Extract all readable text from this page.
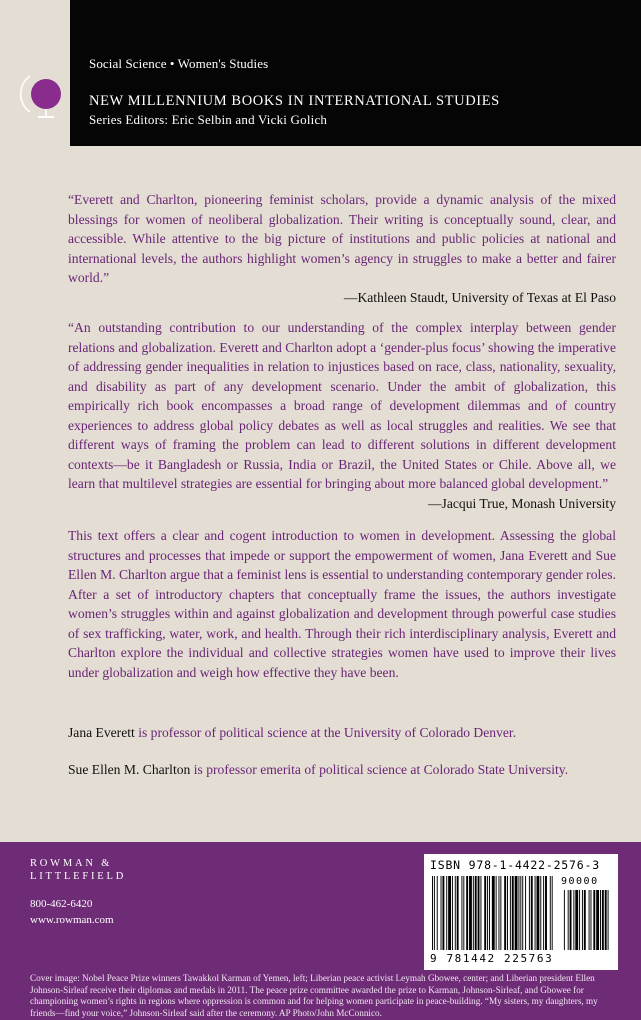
Social Science • Women's Studies
NEW MILLENNIUM BOOKS IN INTERNATIONAL STUDIES
Series Editors: Eric Selbin and Vicki Golich
“Everett and Charlton, pioneering feminist scholars, provide a dynamic analysis of the mixed blessings for women of neoliberal globalization. Their writing is conceptually sound, clear, and accessible. While attentive to the big picture of institutions and public policies at national and international levels, the authors highlight women’s agency in struggles to make a better and fairer world.”
—Kathleen Staudt, University of Texas at El Paso
“An outstanding contribution to our understanding of the complex interplay between gender relations and globalization. Everett and Charlton adopt a ‘gender-plus focus’ showing the imperative of addressing gender inequalities in relation to injustices based on race, class, nationality, sexuality, and disability as part of any development scenario. Under the ambit of globalization, this empirically rich book encompasses a broad range of development dilemmas and of country experiences to address global policy debates as well as local struggles and realities. We see that different ways of framing the problem can lead to different solutions in different development contexts—be it Bangladesh or Russia, India or Brazil, the United States or Chile. Above all, we learn that multilevel strategies are essential for bringing about more balanced global development.”
—Jacqui True, Monash University
This text offers a clear and cogent introduction to women in development. Assessing the global structures and processes that impede or support the empowerment of women, Jana Everett and Sue Ellen M. Charlton argue that a feminist lens is essential to understanding contemporary gender roles. After a set of introductory chapters that conceptually frame the issues, the authors investigate women’s struggles within and against globalization and development through powerful case studies of sex trafficking, water, work, and health. Through their rich interdisciplinary analysis, Everett and Charlton explore the individual and collective strategies women have used to improve their lives under globalization and weigh how effective they have been.
Jana Everett is professor of political science at the University of Colorado Denver.
Sue Ellen M. Charlton is professor emerita of political science at Colorado State University.
ROWMAN &
LITTLEFIELD
800-462-6420
www.rowman.com
ISBN 978-1-4422-2576-3
90000
9 781442 225763
Cover image: Nobel Peace Prize winners Tawakkol Karman of Yemen, left; Liberian peace activist Leymah Gbowee, center; and Liberian president Ellen Johnson-Sirleaf receive their diplomas and medals in 2011. The peace prize committee awarded the prize to Karman, Johnson-Sirleaf, and Gbowee for championing women’s rights in regions where oppression is common and for helping women participate in peace-building. “My sisters, my daughters, my friends—find your voice,” Johnson-Sirleaf said after the ceremony. AP Photo/John McConnico.
